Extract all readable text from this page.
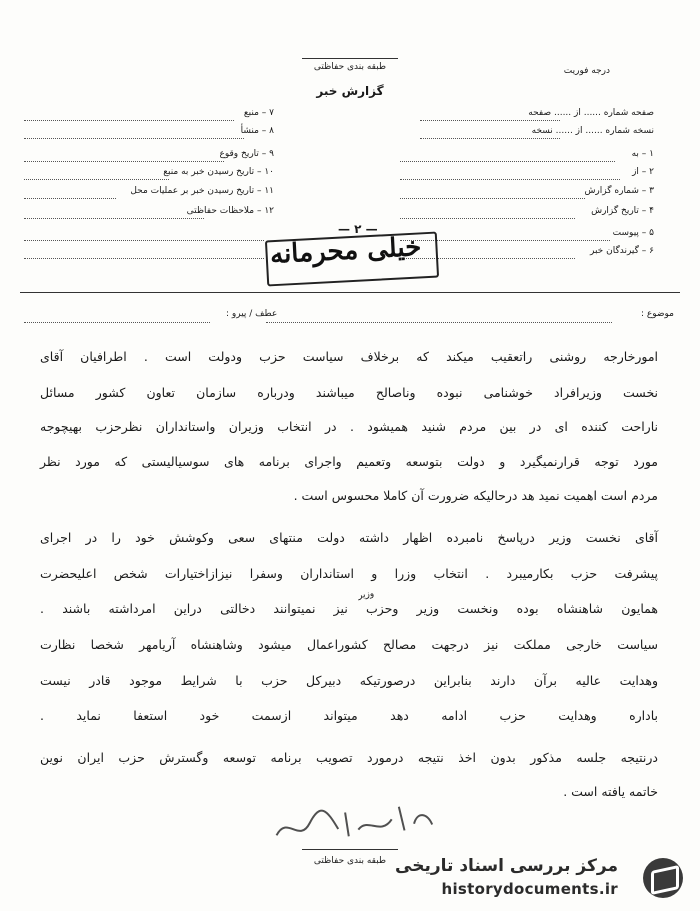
درجه فوریت
طبقه بندی حفاظتی
گزارش خبر
صفحه شماره ...... از ...... صفحه
نسخه شماره ...... از ...... نسخه
۱ – به
۲ – از
۳ – شماره گزارش
۴ – تاریخ گزارش
۵ – پیوست
۶ – گیرندگان خبر
۷ – منبع
۸ – منشأ
۹ – تاریخ وقوع
۱۰ – تاریخ رسیدن خبر به منبع
۱۱ – تاریخ رسیدن خبر بر عملیات محل
۱۲ – ملاحظات حفاظتی
— ۲ —
خیلی محرمانه
موضوع :
عطف / پیرو :
امورخارجه روشنی راتعقیب میکند که برخلاف سیاست حزب ودولت است . اطرافیان آقای
نخست وزیرافراد خوشنامی نبوده وناصالح میباشند ودرباره سازمان تعاون کشور مسائل
ناراحت کننده ای در بین مردم شنید هميشود . در انتخاب وزیران واستانداران نظرحزب بهیچوجه
مورد توجه قرارنمیگیرد و دولت بتوسعه وتعمیم واجرای برنامه های سوسیالیستی که مورد نظر
مردم است اهمیت نمید هد درحالیکه ضرورت آن کاملا محسوس است .
آقای نخست وزیر درپاسخ نامبرده اظهار داشته دولت منتهای سعی وکوشش خود را در اجرای
پیشرفت حزب بکارمیبرد . انتخاب وزرا و استانداران وسفرا نیزازاختیارات شخص اعلیحضرت
همایون شاهنشاه بوده ونخست وزیر وحزب نیز نمیتوانند دخالتی دراین امرداشته باشند .
سیاست خارجی مملکت نیز درجهت مصالح کشوراعمال میشود وشاهنشاه آریامهر شخصا نظارت
وهدایت عالیه برآن دارند بنابراین درصورتیکه دبیرکل حزب با شرایط موجود قادر نیست
باداره وهدایت حزب ادامه دهد میتواند ازسمت خود استعفا نماید .
درنتیجه جلسه مذکور بدون اخذ نتیجه درمورد تصویب برنامه توسعه وگسترش حزب ایران نوین
خاتمه یافته است .
وزیر
طبقه بندی حفاظتی مرکز بررسی اسناد تاریخی
historydocuments.ir
